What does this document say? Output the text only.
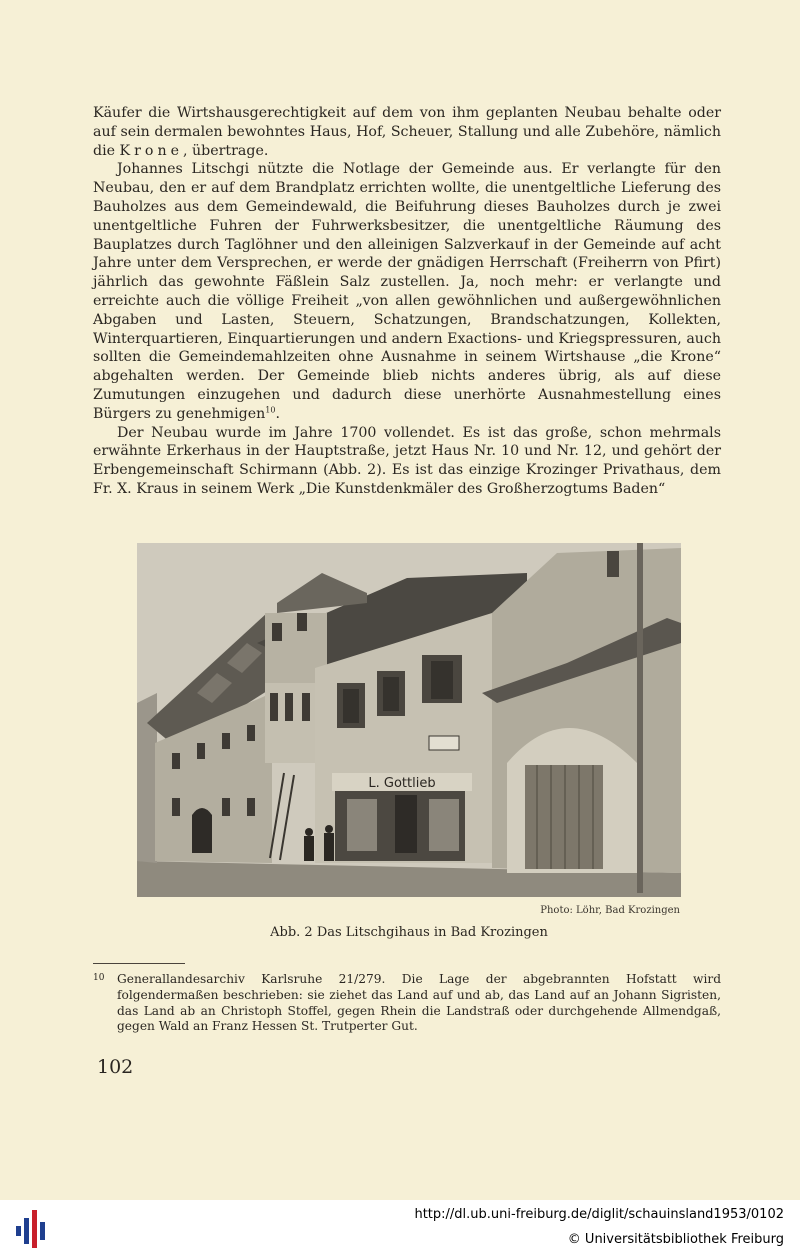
Käufer die Wirtshausgerechtigkeit auf dem von ihm geplanten Neubau behalte oder auf sein dermalen bewohntes Haus, Hof, Scheuer, Stallung und alle Zubehöre, nämlich die Krone, übertrage.

Johannes Litschgi nützte die Notlage der Gemeinde aus. Er verlangte für den Neubau, den er auf dem Brandplatz errichten wollte, die unentgeltliche Lieferung des Bauholzes aus dem Gemeindewald, die Beifuhrung dieses Bauholzes durch je zwei unentgeltliche Fuhren der Fuhrwerksbesitzer, die unentgeltliche Räumung des Bauplatzes durch Taglöhner und den alleinigen Salzverkauf in der Gemeinde auf acht Jahre unter dem Versprechen, er werde der gnädigen Herrschaft (Freiherrn von Pfirt) jährlich das gewohnte Fäßlein Salz zustellen. Ja, noch mehr: er verlangte und erreichte auch die völlige Freiheit „von allen gewöhnlichen und außergewöhnlichen Abgaben und Lasten, Steuern, Schatzungen, Brandschatzungen, Kollekten, Winterquartieren, Einquartierungen und andern Exactions- und Kriegspressuren, auch sollten die Gemeindemahlzeiten ohne Ausnahme in seinem Wirtshause „die Krone“ abgehalten werden. Der Gemeinde blieb nichts anderes übrig, als auf diese Zumutungen einzugehen und dadurch diese unerhörte Ausnahmestellung eines Bürgers zu genehmigen$^{10}$.

Der Neubau wurde im Jahre 1700 vollendet. Es ist das große, schon mehrmals erwähnte Erkerhaus in der Hauptstraße, jetzt Haus Nr. 10 und Nr. 12, und gehört der Erbengemeinschaft Schirmann (Abb. 2). Es ist das einzige Krozinger Privathaus, dem Fr. X. Kraus in seinem Werk „Die Kunstdenkmäler des Großherzogtums Baden“

L. Gottlieb
Photo: Löhr, Bad Krozingen
Abb. 2 Das Litschgihaus in Bad Krozingen
$^{10}$	Generallandesarchiv Karlsruhe 21/279. Die Lage der abgebrannten Hofstatt wird folgendermaßen beschrieben: sie ziehet das Land auf und ab, das Land auf an Johann Sigristen, das Land ab an Christoph Stoffel, gegen Rhein die Landstraß oder durchgehende Allmendgaß, gegen Wald an Franz Hessen St. Trutperter Gut.
102
http://dl.ub.uni-freiburg.de/diglit/schauinsland1953/0102
© Universitätsbibliothek Freiburg
